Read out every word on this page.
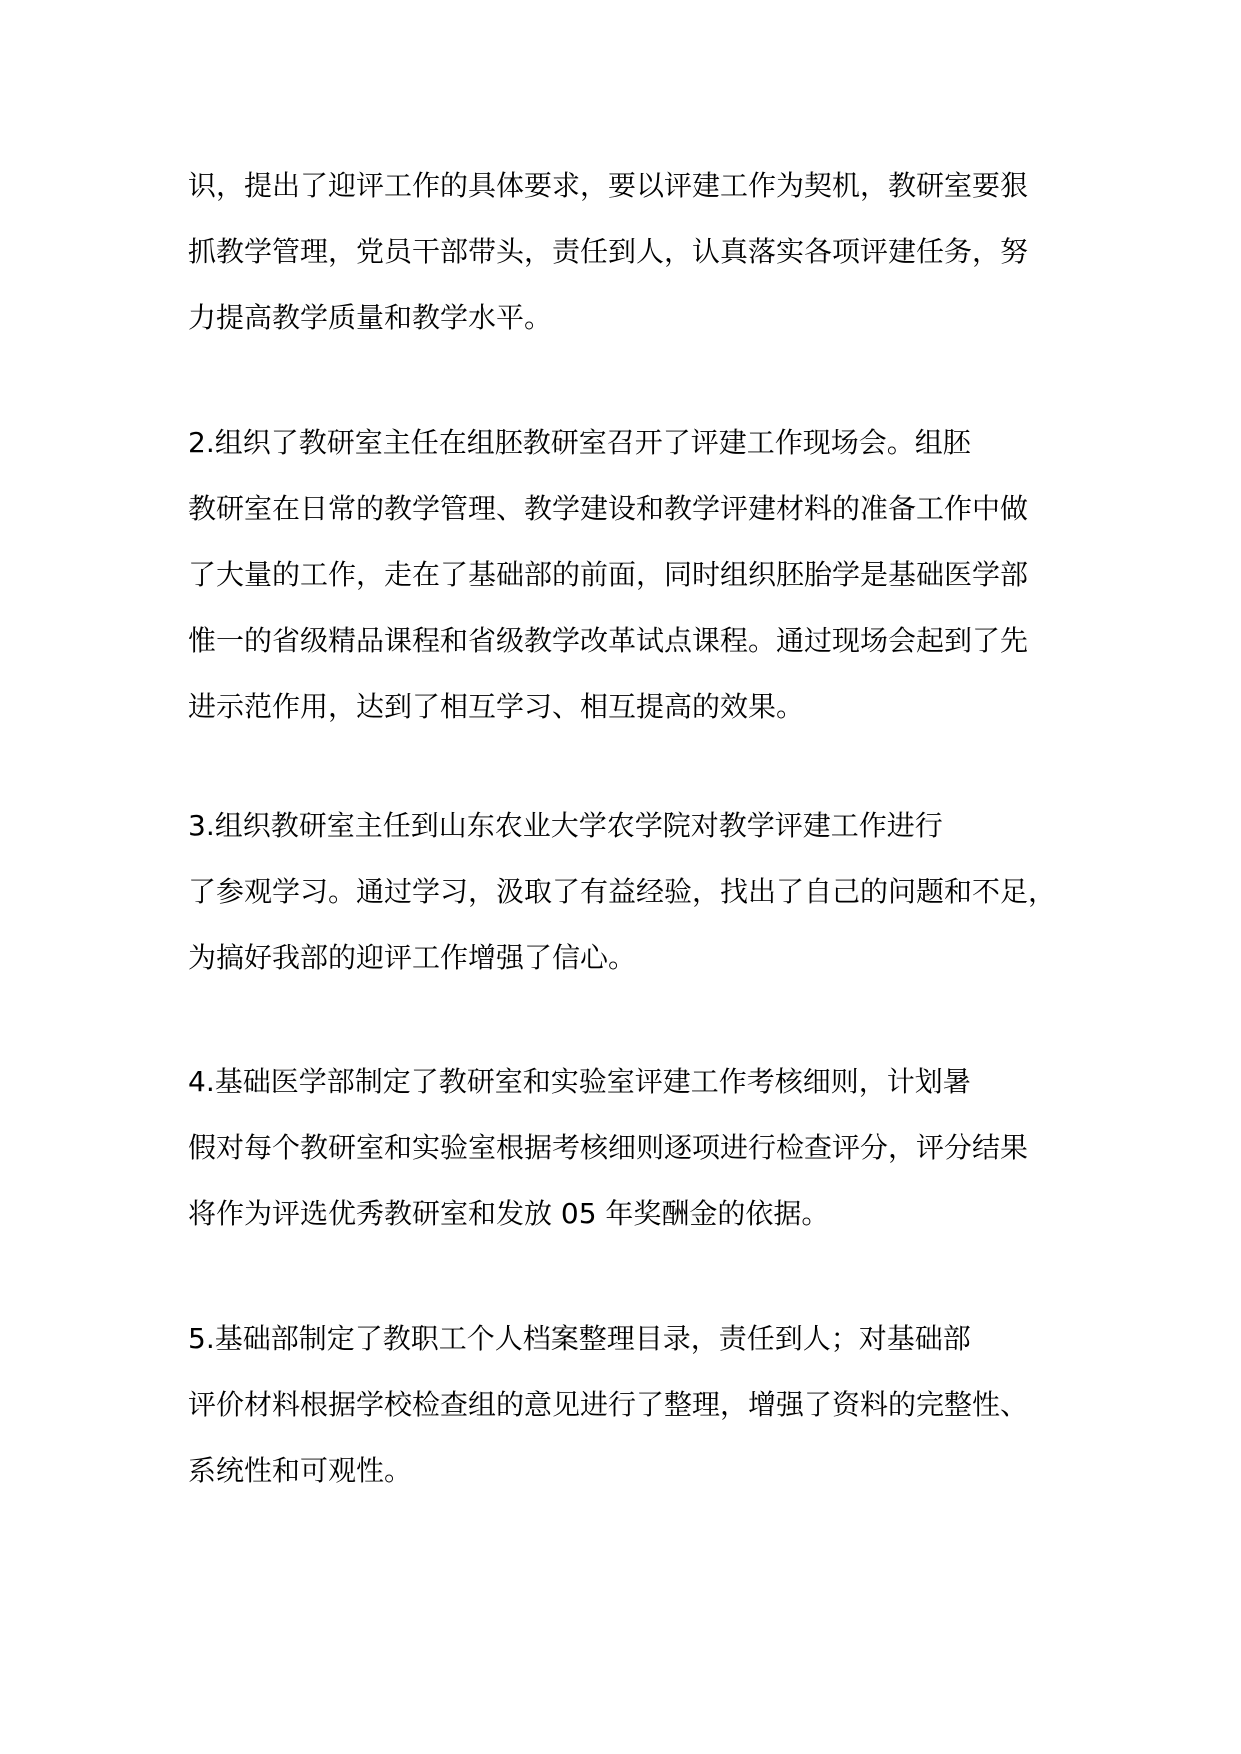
识，提出了迎评工作的具体要求，要以评建工作为契机，教研室要狠
抓教学管理，党员干部带头，责任到人，认真落实各项评建任务，努
力提高教学质量和教学水平。

2.组织了教研室主任在组胚教研室召开了评建工作现场会。组胚
教研室在日常的教学管理、教学建设和教学评建材料的准备工作中做
了大量的工作，走在了基础部的前面，同时组织胚胎学是基础医学部
惟一的省级精品课程和省级教学改革试点课程。通过现场会起到了先
进示范作用，达到了相互学习、相互提高的效果。

3.组织教研室主任到山东农业大学农学院对教学评建工作进行
了参观学习。通过学习，汲取了有益经验，找出了自己的问题和不足，
为搞好我部的迎评工作增强了信心。

4.基础医学部制定了教研室和实验室评建工作考核细则，计划暑
假对每个教研室和实验室根据考核细则逐项进行检查评分，评分结果
将作为评选优秀教研室和发放 05 年奖酬金的依据。

5.基础部制定了教职工个人档案整理目录，责任到人；对基础部
评价材料根据学校检查组的意见进行了整理，增强了资料的完整性、
系统性和可观性。
